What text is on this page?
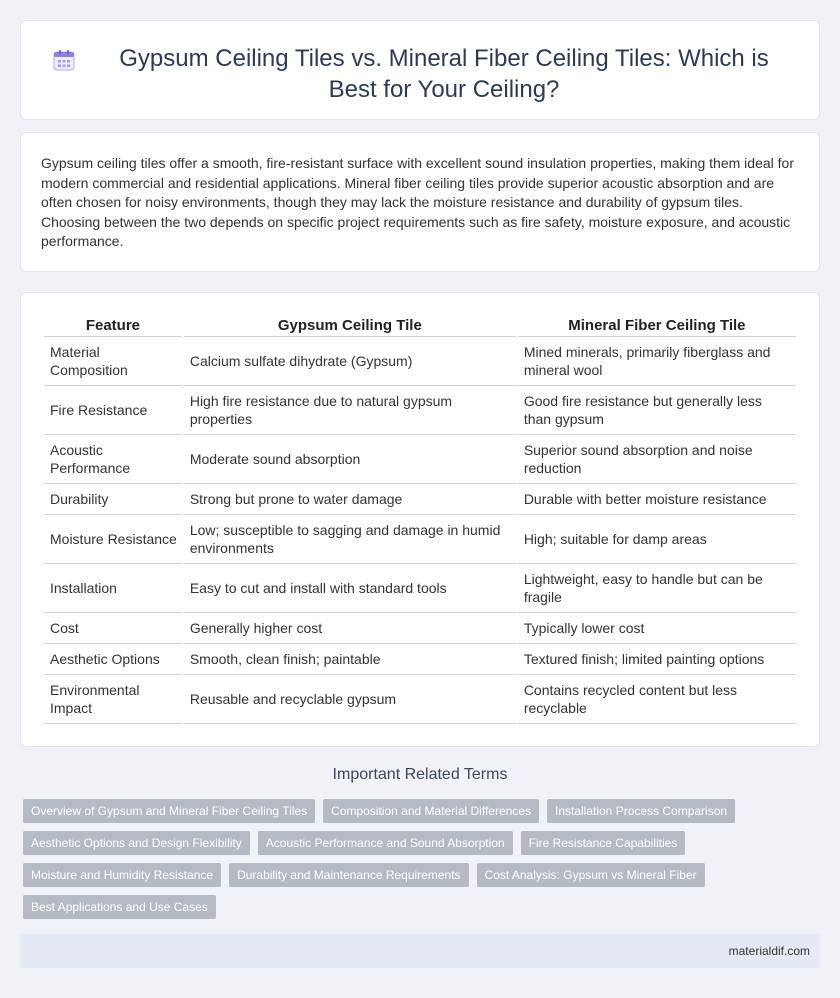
Gypsum Ceiling Tiles vs. Mineral Fiber Ceiling Tiles: Which is Best for Your Ceiling?

Gypsum ceiling tiles offer a smooth, fire-resistant surface with excellent sound insulation properties, making them ideal for modern commercial and residential applications. Mineral fiber ceiling tiles provide superior acoustic absorption and are often chosen for noisy environments, though they may lack the moisture resistance and durability of gypsum tiles. Choosing between the two depends on specific project requirements such as fire safety, moisture exposure, and acoustic performance.

Feature	Gypsum Ceiling Tile	Mineral Fiber Ceiling Tile
Material Composition	Calcium sulfate dihydrate (Gypsum)	Mined minerals, primarily fiberglass and mineral wool
Fire Resistance	High fire resistance due to natural gypsum properties	Good fire resistance but generally less than gypsum
Acoustic Performance	Moderate sound absorption	Superior sound absorption and noise reduction
Durability	Strong but prone to water damage	Durable with better moisture resistance
Moisture Resistance	Low; susceptible to sagging and damage in humid environments	High; suitable for damp areas
Installation	Easy to cut and install with standard tools	Lightweight, easy to handle but can be fragile
Cost	Generally higher cost	Typically lower cost
Aesthetic Options	Smooth, clean finish; paintable	Textured finish; limited painting options
Environmental Impact	Reusable and recyclable gypsum	Contains recycled content but less recyclable
Important Related Terms
Overview of Gypsum and Mineral Fiber Ceiling Tiles	Composition and Material Differences	Installation Process Comparison
Aesthetic Options and Design Flexibility	Acoustic Performance and Sound Absorption	Fire Resistance Capabilities
Moisture and Humidity Resistance	Durability and Maintenance Requirements	Cost Analysis: Gypsum vs Mineral Fiber
Best Applications and Use Cases
materialdif.com
